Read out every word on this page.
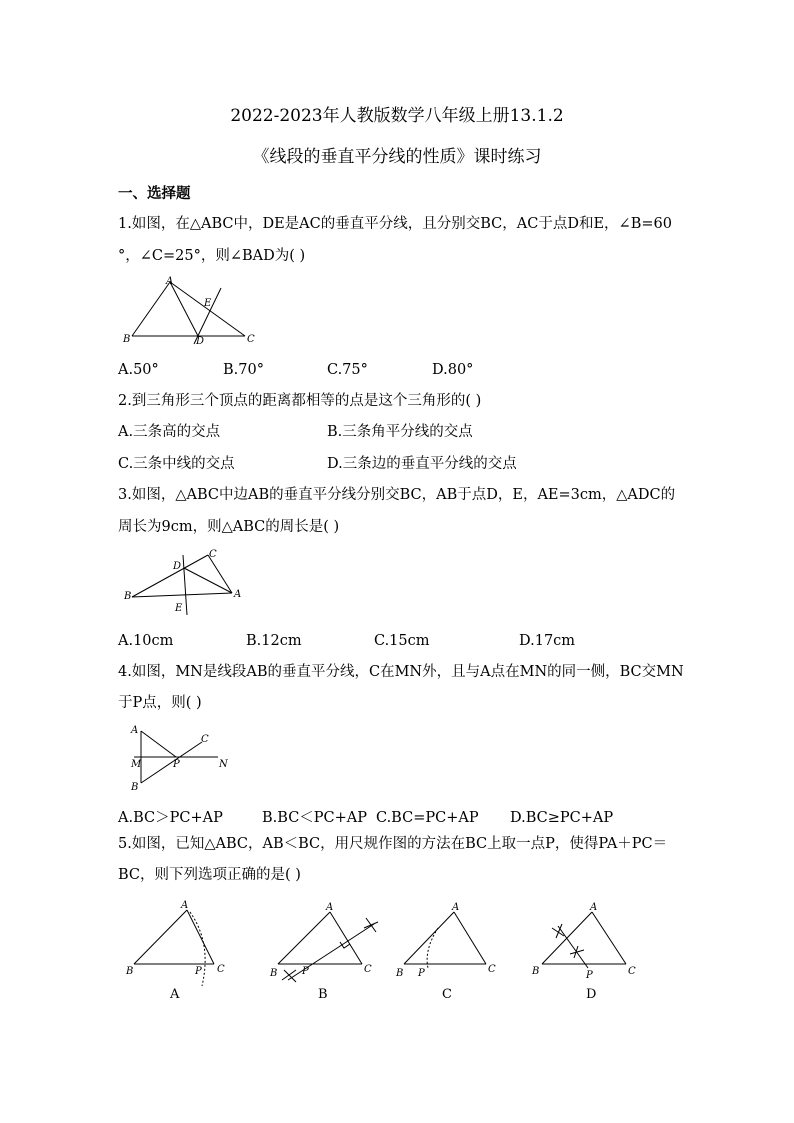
2022-2023年人教版数学八年级上册13.1.2
《线段的垂直平分线的性质》课时练习
一、选择题
1.如图，在△ABC中，DE是AC的垂直平分线，且分别交BC，AC于点D和E，∠B=60
°，∠C=25°，则∠BAD为( )
A
B	C
D
E
A.50°	B.70°	C.75°	D.80°
2.到三角形三个顶点的距离都相等的点是这个三角形的( )
A.三条高的交点	B.三条角平分线的交点
C.三条中线的交点	D.三条边的垂直平分线的交点
3.如图，△ABC中边AB的垂直平分线分别交BC，AB于点D，E，AE=3cm，△ADC的
周长为9cm，则△ABC的周长是( )
B	A
C
D
E
A.10cm	B.12cm	C.15cm	D.17cm
4.如图，MN是线段AB的垂直平分线，C在MN外，且与A点在MN的同一侧，BC交MN
于P点，则( )
A
B
M	P	N
C
A.BC＞PC+AP	B.BC＜PC+AP C.BC=PC+AP D.BC≥PC+AP
5.如图，已知△ABC，AB＜BC，用尺规作图的方法在BC上取一点P，使得PA＋PC＝
BC，则下列选项正确的是( )
A
B	C
P
A
A
B	C
P
B
A
B	C
P
C
A
B	C
P
D
